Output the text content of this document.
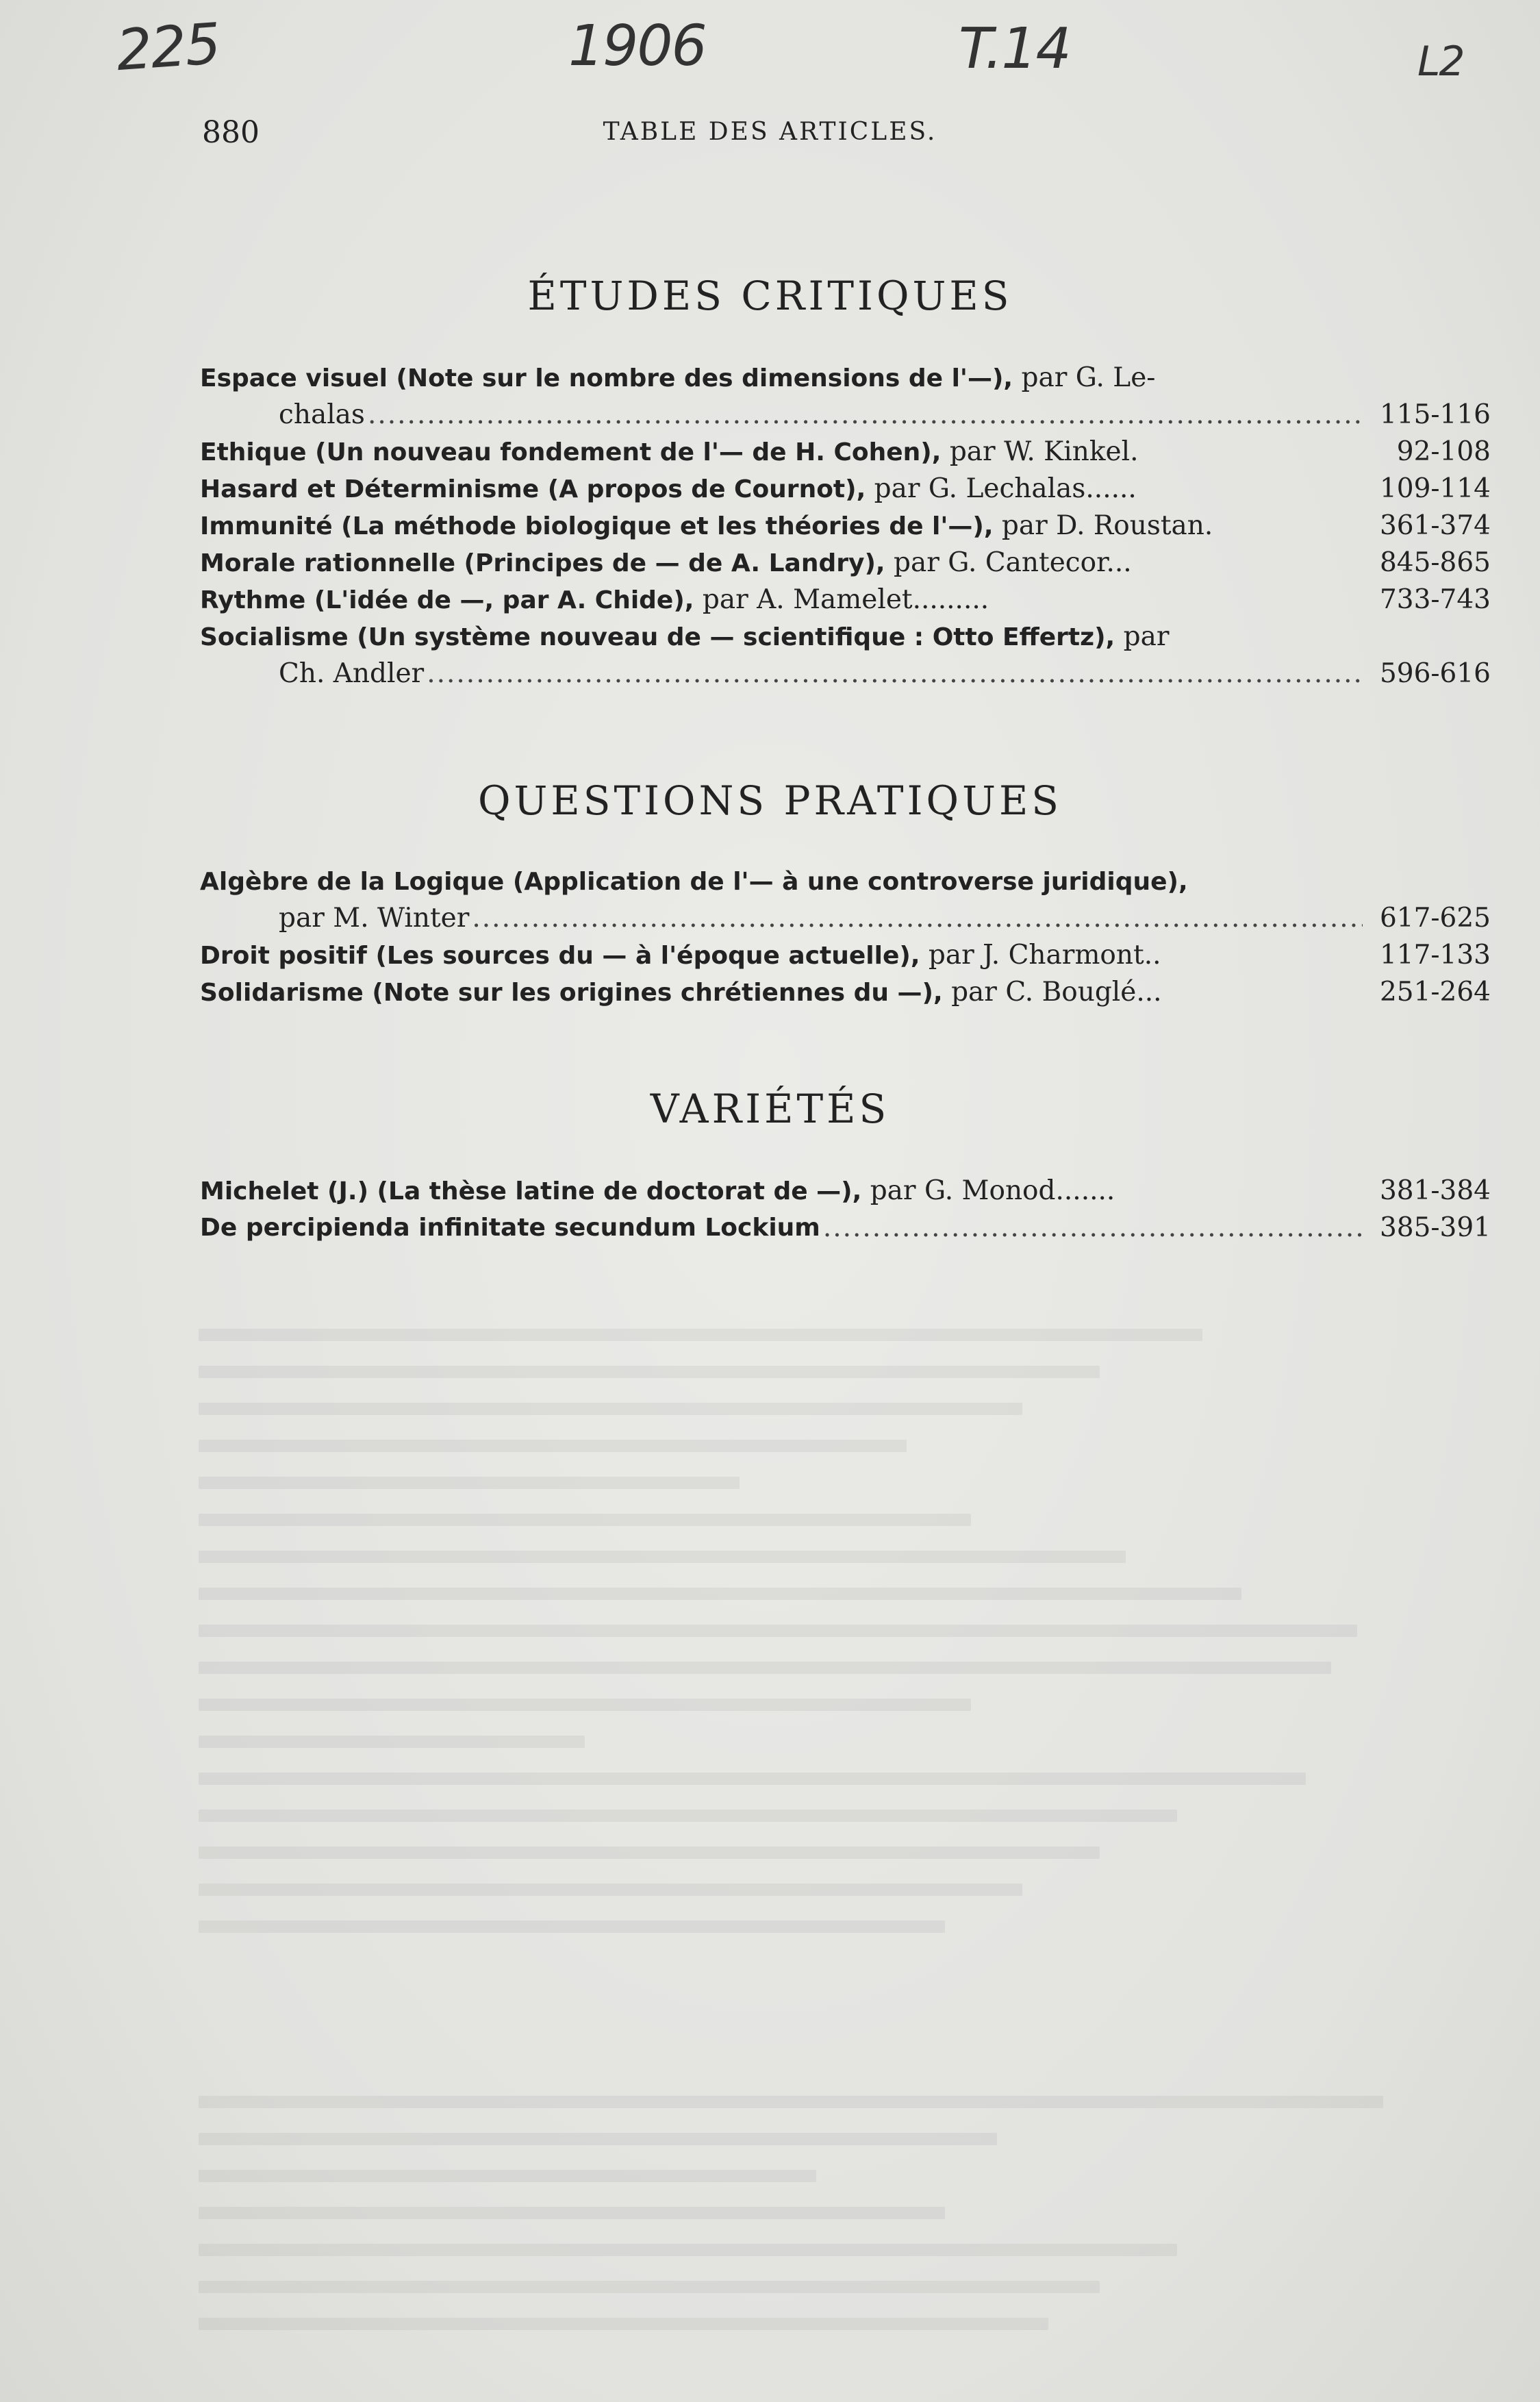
225	1906	T.14	L2
880	TABLE DES ARTICLES.
ÉTUDES CRITIQUES
Espace visuel (Note sur le nombre des dimensions de l'—), par G. Le-
chalas .....	115-116
Ethique (Un nouveau fondement de l'— de H. Cohen), par W. Kinkel.	92-108
Hasard et Déterminisme (A propos de Cournot), par G. Lechalas......	109-114
Immunité (La méthode biologique et les théories de l'—), par D. Roustan.	361-374
Morale rationnelle (Principes de — de A. Landry), par G. Cantecor...	845-865
Rythme (L'idée de —, par A. Chide), par A. Mamelet.........	733-743
Socialisme (Un système nouveau de — scientifique : Otto Effertz), par
Ch. Andler .....	596-616
QUESTIONS PRATIQUES
Algèbre de la Logique (Application de l'— à une controverse juridique),
par M. Winter .....	617-625
Droit positif (Les sources du — à l'époque actuelle), par J. Charmont..	117-133
Solidarisme (Note sur les origines chrétiennes du —), par C. Bouglé...	251-264
VARIÉTÉS
Michelet (J.) (La thèse latine de doctorat de —), par G. Monod.......	381-384
De percipienda infinitate secundum Lockium .....	385-391
